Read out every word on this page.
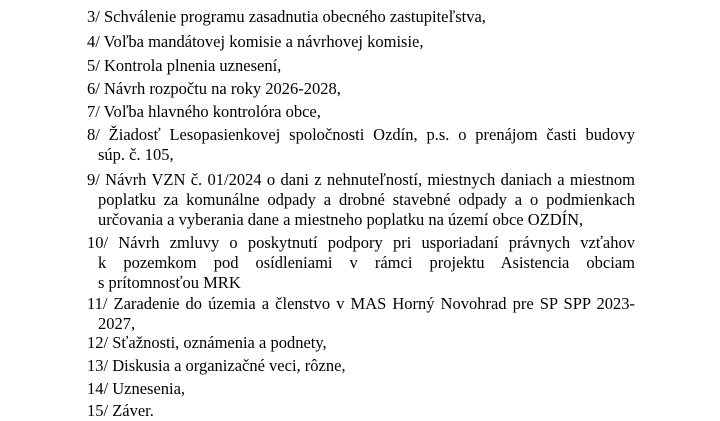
3/ Schválenie programu zasadnutia obecného zastupiteľstva,
4/ Voľba mandátovej komisie a návrhovej komisie,
5/ Kontrola plnenia uznesení,
6/ Návrh rozpočtu na roky 2026-2028,
7/ Voľba hlavného kontrolóra obce,
8/ Žiadosť Lesopasienkovej spoločnosti Ozdín, p.s. o prenájom časti budovy
súp. č. 105,
9/ Návrh VZN č. 01/2024 o dani z nehnuteľností, miestnych daniach a miestnom
poplatku za komunálne odpady a drobné stavebné odpady a o podmienkach
určovania a vyberania dane a miestneho poplatku na území obce OZDÍN,
10/ Návrh zmluvy o poskytnutí podpory pri usporiadaní právnych vzťahov
k pozemkom pod osídleniami v rámci projektu Asistencia obciam
s prítomnosťou MRK
11/ Zaradenie do územia a členstvo v MAS Horný Novohrad pre SP SPP 2023-
2027,
12/ Sťažnosti, oznámenia a podnety,
13/ Diskusia a organizačné veci, rôzne,
14/ Uznesenia,
15/ Záver.
